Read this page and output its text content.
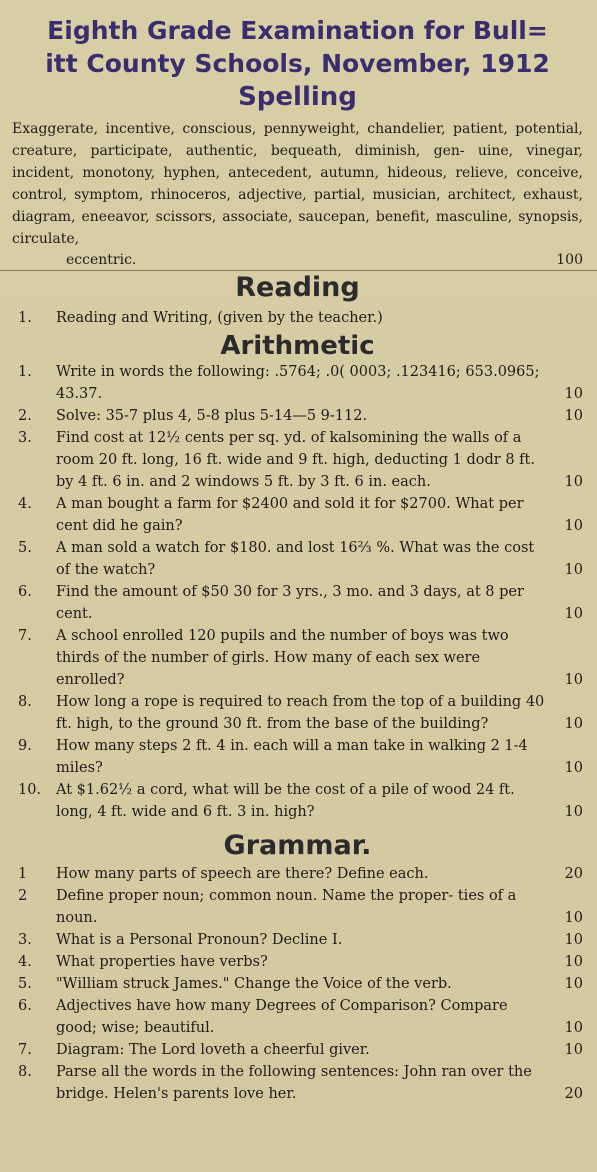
Eighth Grade Examination for Bull=
itt County Schools, November, 1912
Spelling

Exaggerate, incentive, conscious, pennyweight, chandelier, patient, potential, creature, participate, authentic, bequeath, diminish, gen- uine, vinegar, incident, monotony, hyphen, antecedent, autumn, hideous, relieve, conceive, control, symptom, rhinoceros, adjective, partial, musician, architect, exhaust, diagram, eneeavor, scissors, associate, saucepan, benefit, masculine, synopsis, circulate,

eccentric.	100
Reading
1.	Reading and Writing, (given by the teacher.)
Arithmetic
1.	Write in words the following: .5764; .0( 0003; .123416; 653.0965; 43.37.	10
2.	Solve: 35-7 plus 4, 5-8 plus 5-14—5 9-112.	10
3.	Find cost at 12½ cents per sq. yd. of kalsomining the walls of a room 20 ft. long, 16 ft. wide and 9 ft. high, deducting 1 dodr 8 ft. by 4 ft. 6 in. and 2 windows 5 ft. by 3 ft. 6 in. each.	10
4.	A man bought a farm for $2400 and sold it for $2700. What per cent did he gain?	10
5.	A man sold a watch for $180. and lost 16⅔ %. What was the cost of the watch?	10
6.	Find the amount of $50 30 for 3 yrs., 3 mo. and 3 days, at 8 per cent.	10
7.	A school enrolled 120 pupils and the number of boys was two thirds of the number of girls. How many of each sex were enrolled?	10
8.	How long a rope is required to reach from the top of a building 40 ft. high, to the ground 30 ft. from the base of the building?	10
9.	How many steps 2 ft. 4 in. each will a man take in walking 2 1-4 miles?	10
10.	At $1.62½ a cord, what will be the cost of a pile of wood 24 ft. long, 4 ft. wide and 6 ft. 3 in. high?	10
Grammar.
1	How many parts of speech are there? Define each.	20
2	Define proper noun; common noun. Name the proper- ties of a noun.	10
3.	What is a Personal Pronoun? Decline I.	10
4.	What properties have verbs?	10
5.	"William struck James." Change the Voice of the verb.	10
6.	Adjectives have how many Degrees of Comparison? Compare good; wise; beautiful.	10
7.	Diagram: The Lord loveth a cheerful giver.	10
8.	Parse all the words in the following sentences: John ran over the bridge. Helen's parents love her.	20
